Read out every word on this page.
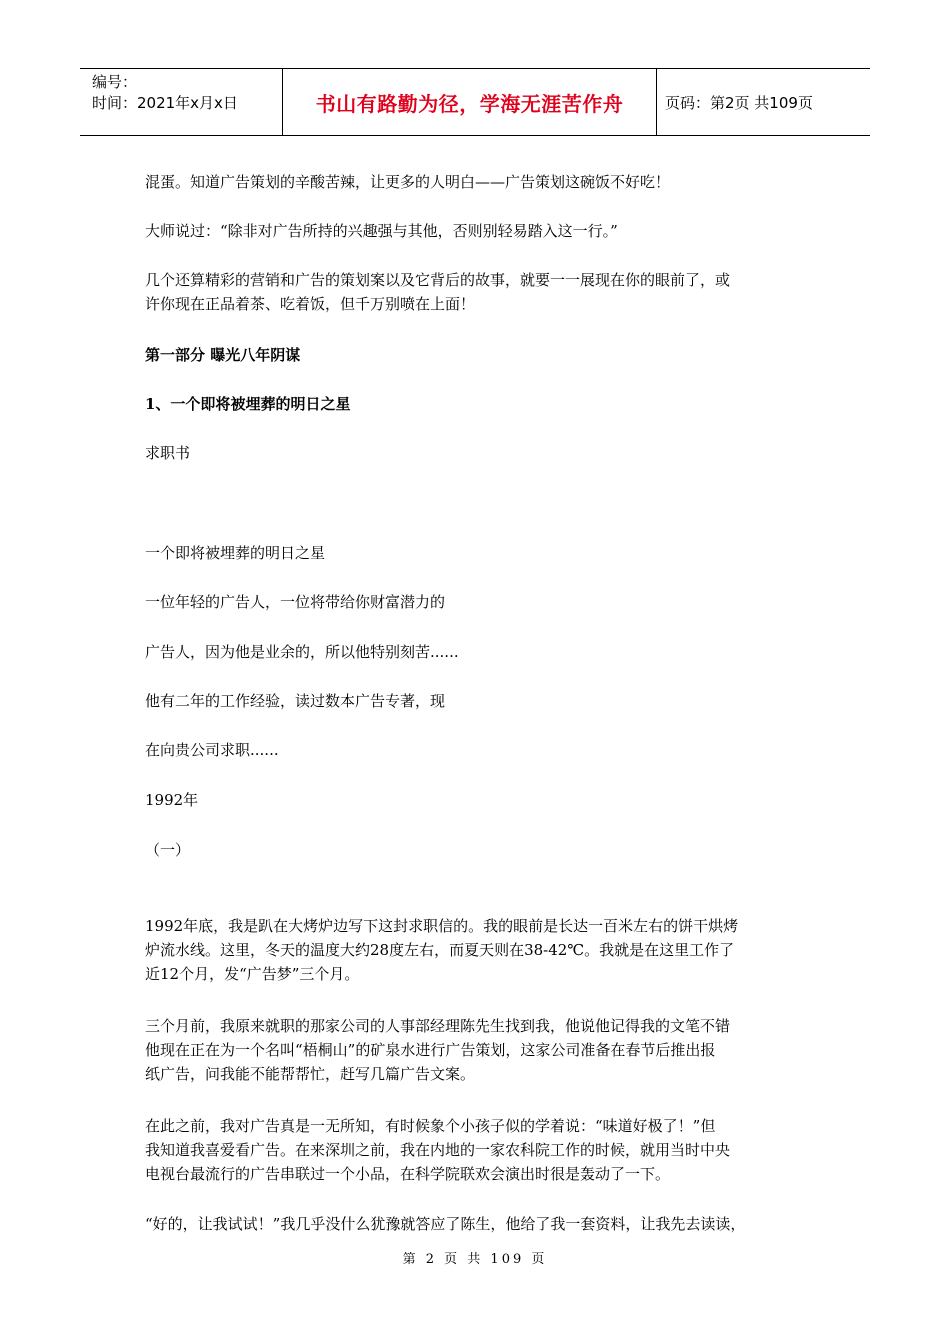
编号：
时间：2021年x月x日	书山有路勤为径，学海无涯苦作舟	页码：第2页 共109页
混蛋。知道广告策划的辛酸苦辣，让更多的人明白——广告策划这碗饭不好吃！
大师说过：“除非对广告所持的兴趣强与其他，否则别轻易踏入这一行。”
几个还算精彩的营销和广告的策划案以及它背后的故事，就要一一展现在你的眼前了，或
许你现在正品着茶、吃着饭，但千万别喷在上面！
第一部分 曝光八年阴谋
1、一个即将被埋葬的明日之星
求职书
一个即将被埋葬的明日之星
一位年轻的广告人，一位将带给你财富潜力的
广告人，因为他是业余的，所以他特别刻苦......
他有二年的工作经验，读过数本广告专著，现
在向贵公司求职......
1992年
（一）
1992年底，我是趴在大烤炉边写下这封求职信的。我的眼前是长达一百米左右的饼干烘烤
炉流水线。这里，冬天的温度大约28度左右，而夏天则在38-42℃。我就是在这里工作了
近12个月，发“广告梦”三个月。
三个月前，我原来就职的那家公司的人事部经理陈先生找到我，他说他记得我的文笔不错
他现在正在为一个名叫“梧桐山”的矿泉水进行广告策划，这家公司准备在春节后推出报
纸广告，问我能不能帮帮忙，赶写几篇广告文案。
在此之前，我对广告真是一无所知，有时候象个小孩子似的学着说：“味道好极了！”但
我知道我喜爱看广告。在来深圳之前，我在内地的一家农科院工作的时候，就用当时中央
电视台最流行的广告串联过一个小品，在科学院联欢会演出时很是轰动了一下。
“好的，让我试试！”我几乎没什么犹豫就答应了陈生，他给了我一套资料，让我先去读读，
第 2 页 共 109 页
